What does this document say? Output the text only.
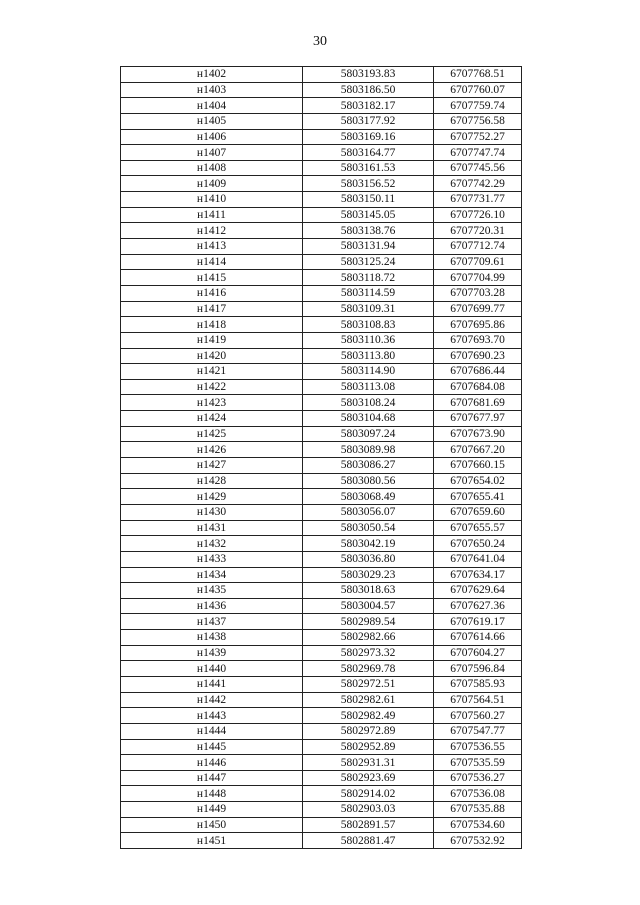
30
н1402	5803193.83	6707768.51
н1403	5803186.50	6707760.07
н1404	5803182.17	6707759.74
н1405	5803177.92	6707756.58
н1406	5803169.16	6707752.27
н1407	5803164.77	6707747.74
н1408	5803161.53	6707745.56
н1409	5803156.52	6707742.29
н1410	5803150.11	6707731.77
н1411	5803145.05	6707726.10
н1412	5803138.76	6707720.31
н1413	5803131.94	6707712.74
н1414	5803125.24	6707709.61
н1415	5803118.72	6707704.99
н1416	5803114.59	6707703.28
н1417	5803109.31	6707699.77
н1418	5803108.83	6707695.86
н1419	5803110.36	6707693.70
н1420	5803113.80	6707690.23
н1421	5803114.90	6707686.44
н1422	5803113.08	6707684.08
н1423	5803108.24	6707681.69
н1424	5803104.68	6707677.97
н1425	5803097.24	6707673.90
н1426	5803089.98	6707667.20
н1427	5803086.27	6707660.15
н1428	5803080.56	6707654.02
н1429	5803068.49	6707655.41
н1430	5803056.07	6707659.60
н1431	5803050.54	6707655.57
н1432	5803042.19	6707650.24
н1433	5803036.80	6707641.04
н1434	5803029.23	6707634.17
н1435	5803018.63	6707629.64
н1436	5803004.57	6707627.36
н1437	5802989.54	6707619.17
н1438	5802982.66	6707614.66
н1439	5802973.32	6707604.27
н1440	5802969.78	6707596.84
н1441	5802972.51	6707585.93
н1442	5802982.61	6707564.51
н1443	5802982.49	6707560.27
н1444	5802972.89	6707547.77
н1445	5802952.89	6707536.55
н1446	5802931.31	6707535.59
н1447	5802923.69	6707536.27
н1448	5802914.02	6707536.08
н1449	5802903.03	6707535.88
н1450	5802891.57	6707534.60
н1451	5802881.47	6707532.92
